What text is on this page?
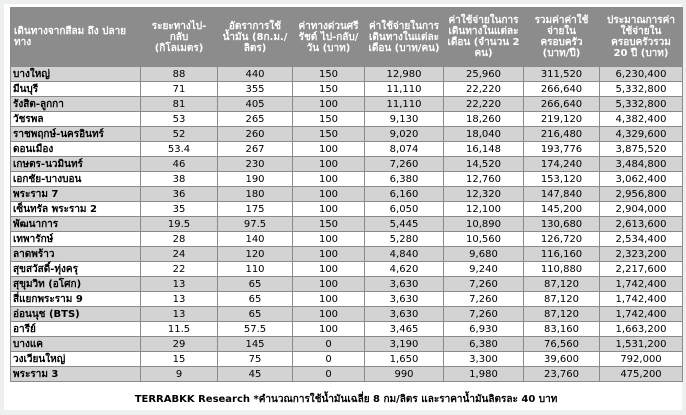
เดินทางจากสีลม ถึง ปลายทาง	ระยะทางไป-กลับ (กิโลเมตร)	อัตราการใช้น้ำมัน (8ก.ม./ลิตร)	ค่าทางด่วนศรีรัชต์ ไป-กลับ/วัน (บาท)	ค่าใช้จ่ายในการเดินทางในแต่ละเดือน (บาท/คน)	ค่าใช้จ่ายในการเดินทางในแต่ละเดือน (จำนวน 2 คน)	รวมค่าค่าใช้จ่ายในครอบครัว (บาท/ปี)	ประมาณการค่าใช้จ่ายในครอบครัวรวม 20 ปี (บาท)
บางใหญ่	88	440	150	12,980	25,960	311,520	6,230,400
มีนบุรี	71	355	150	11,110	22,220	266,640	5,332,800
รังสิต-ลูกกา	81	405	100	11,110	22,220	266,640	5,332,800
วัชรพล	53	265	150	9,130	18,260	219,120	4,382,400
ราชพฤกษ์-นครอินทร์	52	260	150	9,020	18,040	216,480	4,329,600
ดอนเมือง	53.4	267	100	8,074	16,148	193,776	3,875,520
เกษตร-นวมินทร์	46	230	100	7,260	14,520	174,240	3,484,800
เอกชัย-บางบอน	38	190	100	6,380	12,760	153,120	3,062,400
พระราม 7	36	180	100	6,160	12,320	147,840	2,956,800
เซ็นทรัล พระราม 2	35	175	100	6,050	12,100	145,200	2,904,000
พัฒนาการ	19.5	97.5	150	5,445	10,890	130,680	2,613,600
เทพารักษ์	28	140	100	5,280	10,560	126,720	2,534,400
ลาดพร้าว	24	120	100	4,840	9,680	116,160	2,323,200
สุขสวัสดิ์-ทุ่งครุ	22	110	100	4,620	9,240	110,880	2,217,600
สุขุมวิท (อโศก)	13	65	100	3,630	7,260	87,120	1,742,400
สี่แยกพระราม 9	13	65	100	3,630	7,260	87,120	1,742,400
อ่อนนุช (BTS)	13	65	100	3,630	7,260	87,120	1,742,400
อารีย์	11.5	57.5	100	3,465	6,930	83,160	1,663,200
บางแค	29	145	0	3,190	6,380	76,560	1,531,200
วงเวียนใหญ่	15	75	0	1,650	3,300	39,600	792,000
พระราม 3	9	45	0	990	1,980	23,760	475,200
TERRABKK Research *คำนวณการใช้น้ำมันเฉลี่ย 8 กม/ลิตร และราคาน้ำมันลิตรละ 40 บาท
